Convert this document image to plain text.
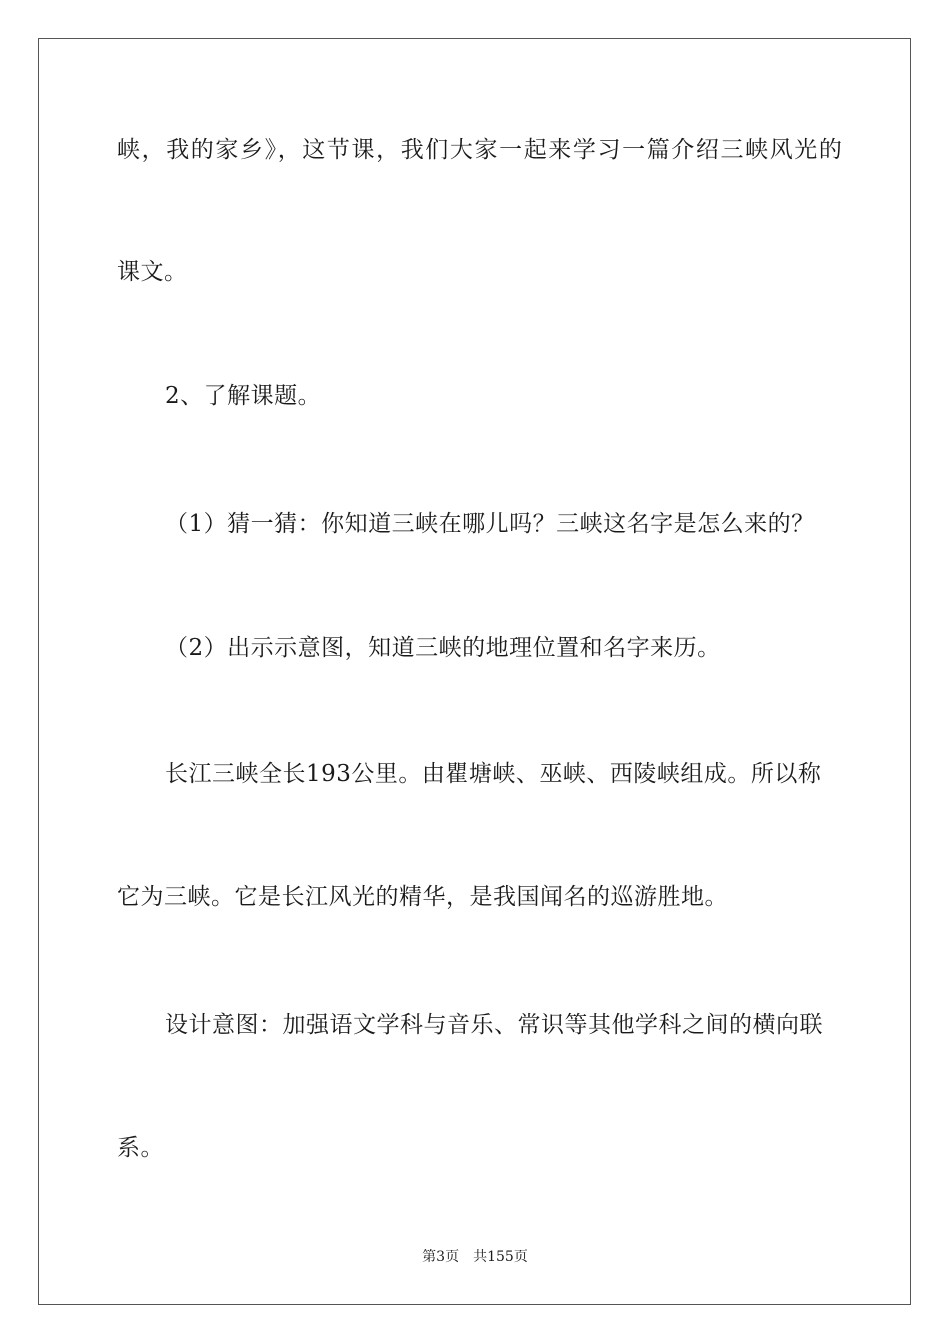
峡，我的家乡》，这节课，我们大家一起来学习一篇介绍三峡风光的
课文。
2、了解课题。
（1）猜一猜：你知道三峡在哪儿吗？三峡这名字是怎么来的？
（2）出示示意图，知道三峡的地理位置和名字来历。
长江三峡全长193公里。由瞿塘峡、巫峡、西陵峡组成。所以称
它为三峡。它是长江风光的精华，是我国闻名的巡游胜地。
设计意图：加强语文学科与音乐、常识等其他学科之间的横向联
系。
第3页 共155页
